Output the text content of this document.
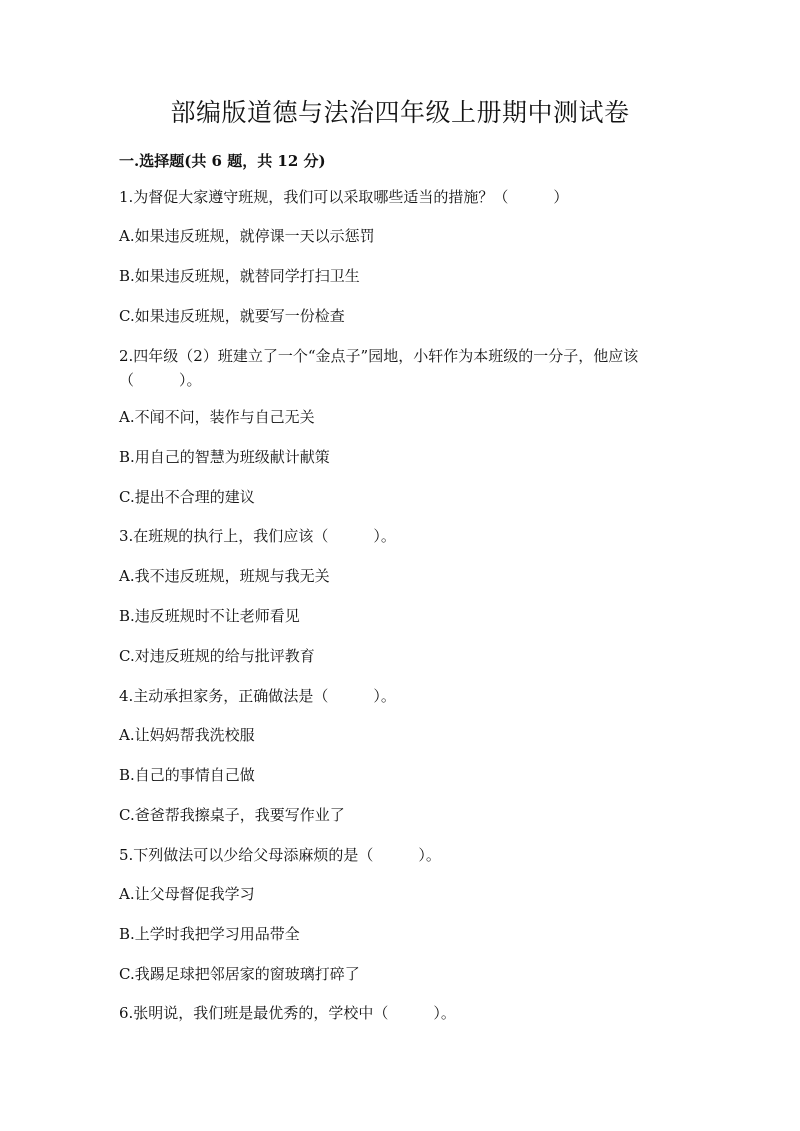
部编版道德与法治四年级上册期中测试卷
一.选择题(共 6 题，共 12 分)
1.为督促大家遵守班规，我们可以采取哪些适当的措施？（　　　）
A.如果违反班规，就停课一天以示惩罚
B.如果违反班规，就替同学打扫卫生
C.如果违反班规，就要写一份检查
2.四年级（2）班建立了一个“金点子”园地，小轩作为本班级的一分子，他应该（　　　）。
A.不闻不问，装作与自己无关
B.用自己的智慧为班级献计献策
C.提出不合理的建议
3.在班规的执行上，我们应该（　　　）。
A.我不违反班规，班规与我无关
B.违反班规时不让老师看见
C.对违反班规的给与批评教育
4.主动承担家务，正确做法是（　　　）。
A.让妈妈帮我洗校服
B.自己的事情自己做
C.爸爸帮我擦桌子，我要写作业了
5.下列做法可以少给父母添麻烦的是（　　　）。
A.让父母督促我学习
B.上学时我把学习用品带全
C.我踢足球把邻居家的窗玻璃打碎了
6.张明说，我们班是最优秀的，学校中（　　　）。
